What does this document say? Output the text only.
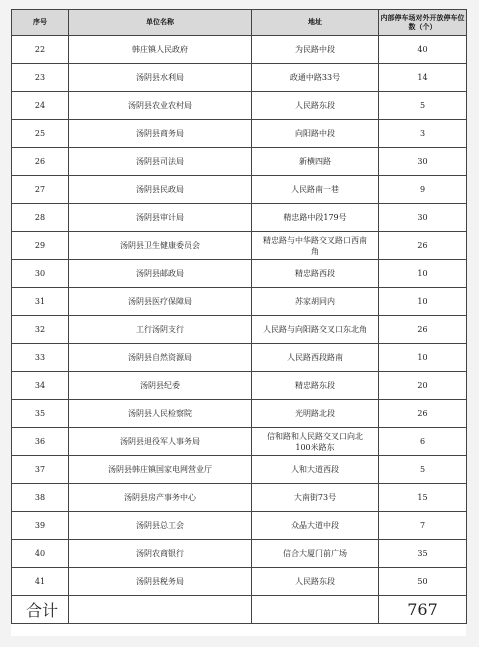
序号	单位名称	地址	内部停车场对外开放停车位数（个）
22	韩庄镇人民政府	为民路中段	40
23	汤阴县水利局	政通中路33号	14
24	汤阴县农业农村局	人民路东段	5
25	汤阴县商务局	向阳路中段	3
26	汤阴县司法局	新横四路	30
27	汤阴县民政局	人民路南一巷	9
28	汤阴县审计局	精忠路中段179号	30
29	汤阴县卫生健康委员会	精忠路与中华路交叉路口西南角	26
30	汤阴县邮政局	精忠路西段	10
31	汤阴县医疗保障局	苏家胡同内	10
32	工行汤阴支行	人民路与向阳路交叉口东北角	26
33	汤阴县自然资源局	人民路西段路南	10
34	汤阴县纪委	精忠路东段	20
35	汤阴县人民检察院	光明路北段	26
36	汤阴县退役军人事务局	信和路和人民路交叉口向北100米路东	6
37	汤阴县韩庄镇国家电网营业厅	人和大道西段	5
38	汤阴县房产事务中心	大南街73号	15
39	汤阴县总工会	众晶大道中段	7
40	汤阴农商银行	信合大厦门前广场	35
41	汤阴县税务局	人民路东段	50
合计			767
